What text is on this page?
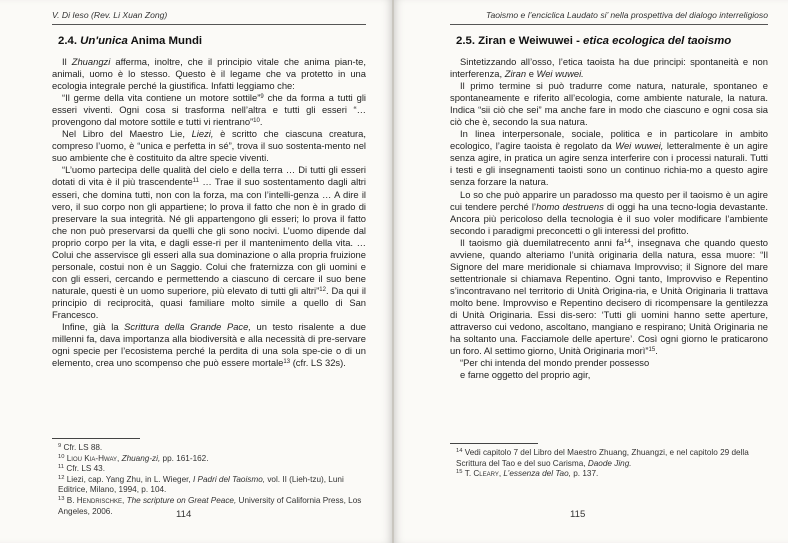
V. Di Ieso (Rev. Li Xuan Zong)
2.4. Un'unica Anima Mundi

Il Zhuangzi afferma, inoltre, che il principio vitale che anima pian-te, animali, uomo è lo stesso. Questo è il legame che va protetto in una ecologia integrale perché la giustifica. Infatti leggiamo che:

“Il germe della vita contiene un motore sottile”$^9$ che da forma a tutti gli esseri viventi. Ogni cosa si trasforma nell’altra e tutti gli esseri “… provengono dal motore sottile e tutti vi rientrano”$^{10}$.

Nel Libro del Maestro Lie, Liezi, è scritto che ciascuna creatura, compreso l’uomo, è “unica e perfetta in sé”, trova il suo sostenta-mento nel suo ambiente che è costituito da altre specie viventi.

“L’uomo partecipa delle qualità del cielo e della terra … Di tutti gli esseri dotati di vita è il più trascendente$^{11}$ … Trae il suo sostentamento dagli altri esseri, che domina tutti, non con la forza, ma con l’intelli-genza … A dire il vero, il suo corpo non gli appartiene; lo prova il fatto che non è in grado di preservare la sua integrità. Né gli appartengono gli esseri; lo prova il fatto che non può preservarsi da quelli che gli sono nocivi. L’uomo dipende dal proprio corpo per la vita, e dagli esse-ri per il mantenimento della vita. … Colui che asservisce gli esseri alla sua dominazione o alla propria fruizione personale, costui non è un Saggio. Colui che fraternizza con gli uomini e con gli esseri, cercando e permettendo a ciascuno di cercare il suo bene naturale, questi è un uomo superiore, più elevato di tutti gli altri”$^{12}$. Da qui il principio di reciprocità, quasi familiare molto simile a quello di San Francesco.

Infine, già la Scrittura della Grande Pace, un testo risalente a due millenni fa, dava importanza alla biodiversità e alla necessità di pre-servare ogni specie per l’ecosistema perché la perdita di una sola spe-cie o di un elemento, crea uno scompenso che può essere mortale$^{13}$ (cfr. LS 32s).

$^9$ Cfr. LS 88.

$^{10}$ Liou Kia-Hway, Zhuang-zi, pp. 161-162.

$^{11}$ Cfr. LS 43.

$^{12}$ Liezi, cap. Yang Zhu, in L. Wieger, I Padri del Taoismo, vol. II (Lieh-tzu), Luni Editrice, Milano, 1994, p. 104.

$^{13}$ B. Hendrischke, The scripture on Great Peace, University of California Press, Los Angeles, 2006.	114
Taoismo e l’enciclica Laudato si’ nella prospettiva del dialogo interreligioso
2.5. Ziran e Weiwuwei - etica ecologica del taoismo

Sintetizzando all’osso, l’etica taoista ha due principi: spontaneità e non interferenza, Ziran e Wei wuwei.

Il primo termine si può tradurre come natura, naturale, spontaneo e spontaneamente e riferito all’ecologia, come ambiente naturale, la natura. Indica “sii ciò che sei” ma anche fare in modo che ciascuno e ogni cosa sia ciò che è, secondo la sua natura.

In linea interpersonale, sociale, politica e in particolare in ambito ecologico, l’agire taoista è regolato da Wei wuwei, letteralmente è un agire senza agire, in pratica un agire senza interferire con i processi naturali. Tutti i testi e gli insegnamenti taoisti sono un continuo richia-mo a questo agire senza forzare la natura.

Lo so che può apparire un paradosso ma questo per il taoismo è un agire cui tendere perché l’homo destruens di oggi ha una tecno-logia devastante. Ancora più pericoloso della tecnologia è il suo voler modificare l’ambiente secondo i paradigmi preconcetti o gli interessi del profitto.

Il taoismo già duemilatrecento anni $fa^{14}$, insegnava che quando questo avviene, quando alteriamo l’unità originaria della natura, essa muore: “Il Signore del mare meridionale si chiamava Improvviso; il Signore del mare settentrionale si chiamava Repentino. Ogni tanto, Improvviso e Repentino s’incontravano nel territorio di Unità Origina-ria, e Unità Originaria li trattava molto bene. Improvviso e Repentino decisero di ricompensare la gentilezza di Unità Originaria. Essi dis-sero: ‘Tutti gli uomini hanno sette aperture, attraverso cui vedono, ascoltano, mangiano e respirano; Unità Originaria ne ha soltanto una. Facciamole delle aperture’. Così ogni giorno le praticarono un foro. Al settimo giorno, Unità Originaria morì”$^{15}$.

“Per chi intenda del mondo prender possesso

e farne oggetto del proprio agir,

$^{14}$ Vedi capitolo 7 del Libro del Maestro Zhuang, Zhuangzi, e nel capitolo 29 della Scrittura del Tao e del suo Carisma, Daode Jing.

$^{15}$ T. Cleary, L’essenza del Tao, p. 137.

115
